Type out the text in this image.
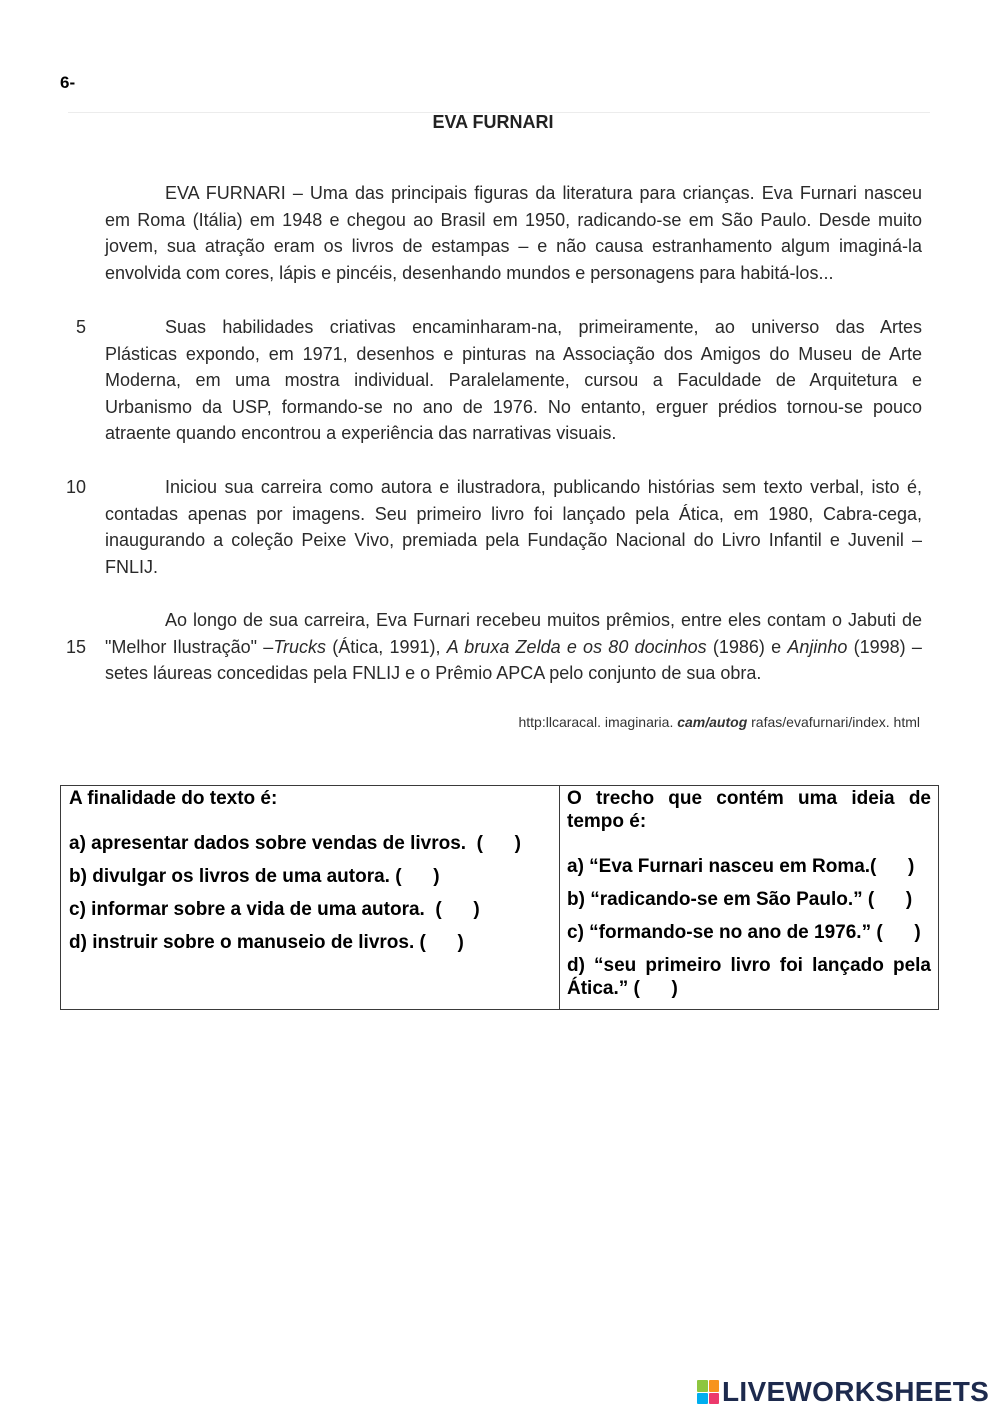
6-
EVA FURNARI
EVA FURNARI – Uma das principais figuras da literatura para crianças. Eva Furnari nasceu
em Roma (Itália) em 1948 e chegou ao Brasil em 1950, radicando-se em São Paulo. Desde muito
jovem, sua atração eram os livros de estampas – e não causa estranhamento algum imaginá-la
envolvida com cores, lápis e pincéis, desenhando mundos e personagens para habitá-los...
5	Suas habilidades criativas encaminharam-na, primeiramente, ao universo das Artes
Plásticas expondo, em 1971, desenhos e pinturas na Associação dos Amigos do Museu de Arte
Moderna, em uma mostra individual. Paralelamente, cursou a Faculdade de Arquitetura e
Urbanismo da USP, formando-se no ano de 1976. No entanto, erguer prédios tornou-se pouco
atraente quando encontrou a experiência das narrativas visuais.
10	Iniciou sua carreira como autora e ilustradora, publicando histórias sem texto verbal, isto é,
contadas apenas por imagens. Seu primeiro livro foi lançado pela Ática, em 1980, Cabra-cega,
inaugurando a coleção Peixe Vivo, premiada pela Fundação Nacional do Livro Infantil e Juvenil –
FNLIJ.
15
Ao longo de sua carreira, Eva Furnari recebeu muitos prêmios, entre eles contam o Jabuti de
"Melhor Ilustração" –Trucks (Ática, 1991), A bruxa Zelda e os 80 docinhos (1986) e Anjinho (1998) –
setes láureas concedidas pela FNLIJ e o Prêmio APCA pelo conjunto de sua obra.
http:llcaracal. imaginaria. cam/autog rafas/evafurnari/index. html
A finalidade do texto é:
a) apresentar dados sobre vendas de livros.  (      )
b) divulgar os livros de uma autora. (      )
c) informar sobre a vida de uma autora.  (      )
d) instruir sobre o manuseio de livros. (      )
O trecho que contém uma ideia de tempo é:
a) “Eva Furnari nasceu em Roma.(      )
b) “radicando-se em São Paulo.” (      )
c) “formando-se no ano de 1976.” (      )
d) “seu primeiro livro foi lançado pela Ática.” (      )
LIVEWORKSHEETS
